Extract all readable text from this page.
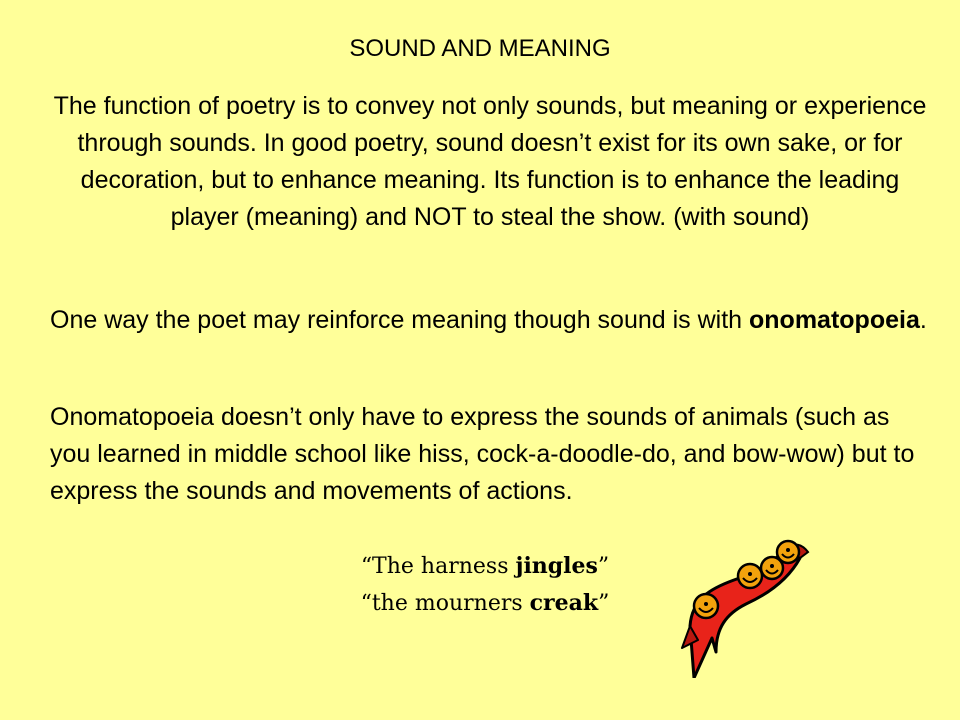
SOUND AND MEANING
The function of poetry is to convey not only sounds, but meaning or experience through sounds. In good poetry, sound doesn’t exist for its own sake, or for decoration, but to enhance meaning. Its function is to enhance the leading player (meaning) and NOT to steal the show. (with sound)
One way the poet may reinforce meaning though sound is with onomatopoeia.
Onomatopoeia doesn’t only have to express the sounds of animals (such as you learned in middle school like hiss, cock-a-doodle-do, and bow-wow) but to express the sounds and movements of actions.
“The harness jingles”
“the mourners creak”
